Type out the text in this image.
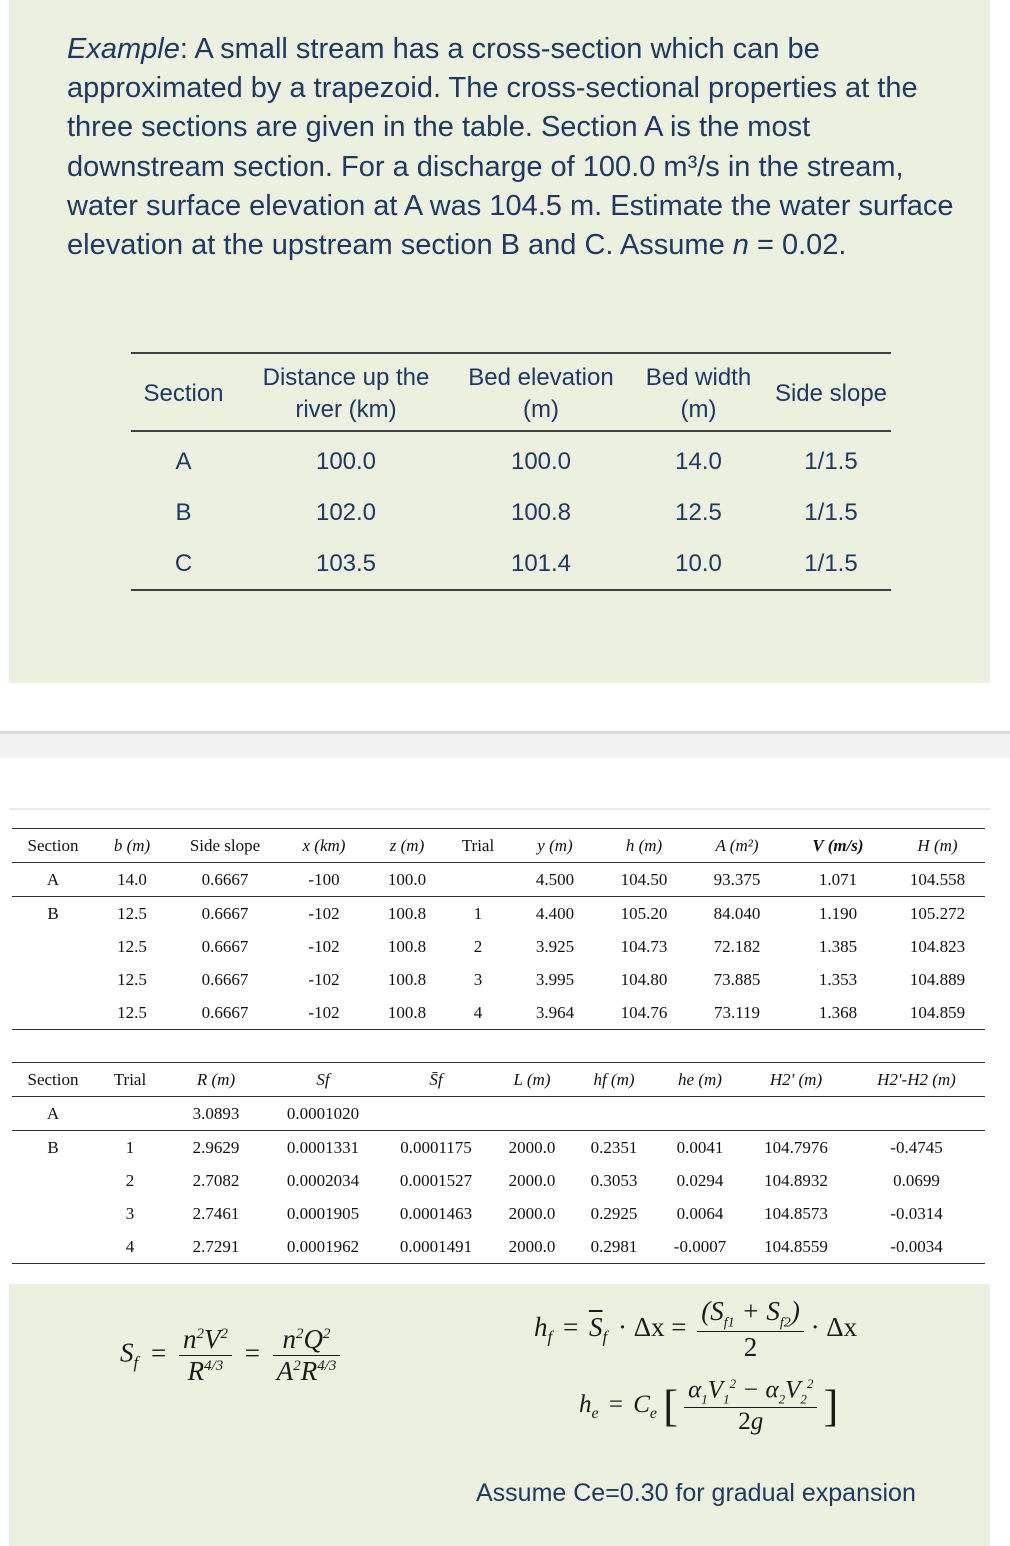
Example: A small stream has a cross-section which can be approximated by a trapezoid. The cross-sectional properties at the three sections are given in the table. Section A is the most downstream section. For a discharge of 100.0 m³/s in the stream, water surface elevation at A was 104.5 m. Estimate the water surface elevation at the upstream section B and C. Assume n = 0.02.

Section	Distance up the river (km)	Bed elevation (m)	Bed width (m)	Side slope
A	100.0	100.0	14.0	1/1.5
B	102.0	100.8	12.5	1/1.5
C	103.5	101.4	10.0	1/1.5
Section	b (m)	Side slope	x (km)	z (m)	Trial	y (m)	h (m)	A (m²)	V (m/s)	H (m)
A	14.0	0.6667	-100	100.0		4.500	104.50	93.375	1.071	104.558
B	12.5	0.6667	-102	100.8	1	4.400	105.20	84.040	1.190	105.272
	12.5	0.6667	-102	100.8	2	3.925	104.73	72.182	1.385	104.823
	12.5	0.6667	-102	100.8	3	3.995	104.80	73.885	1.353	104.889
	12.5	0.6667	-102	100.8	4	3.964	104.76	73.119	1.368	104.859
Section	Trial	R (m)	Sf	S̄f	L (m)	hf (m)	he (m)	H2' (m)	H2'-H2 (m)
A		3.0893	0.0001020						
B	1	2.9629	0.0001331	0.0001175	2000.0	0.2351	0.0041	104.7976	-0.4745
	2	2.7082	0.0002034	0.0001527	2000.0	0.3053	0.0294	104.8932	0.0699
	3	2.7461	0.0001905	0.0001463	2000.0	0.2925	0.0064	104.8573	-0.0314
	4	2.7291	0.0001962	0.0001491	2000.0	0.2981	-0.0007	104.8559	-0.0034
$S_f = \frac{n^2V^2}{R^{4/3}} = \frac{n^2Q^2}{A^2R^{4/3}}$	$h_f = \overline{S}_f \cdot \Delta x = \frac{(S_{f1} + S_{f2})}{2} \cdot \Delta x$
$h_e = C_e$ [ $\frac{\alpha_1V_1^2 - \alpha_2V_2^2}{2g}$ ]
Assume Ce=0.30 for gradual expansion
